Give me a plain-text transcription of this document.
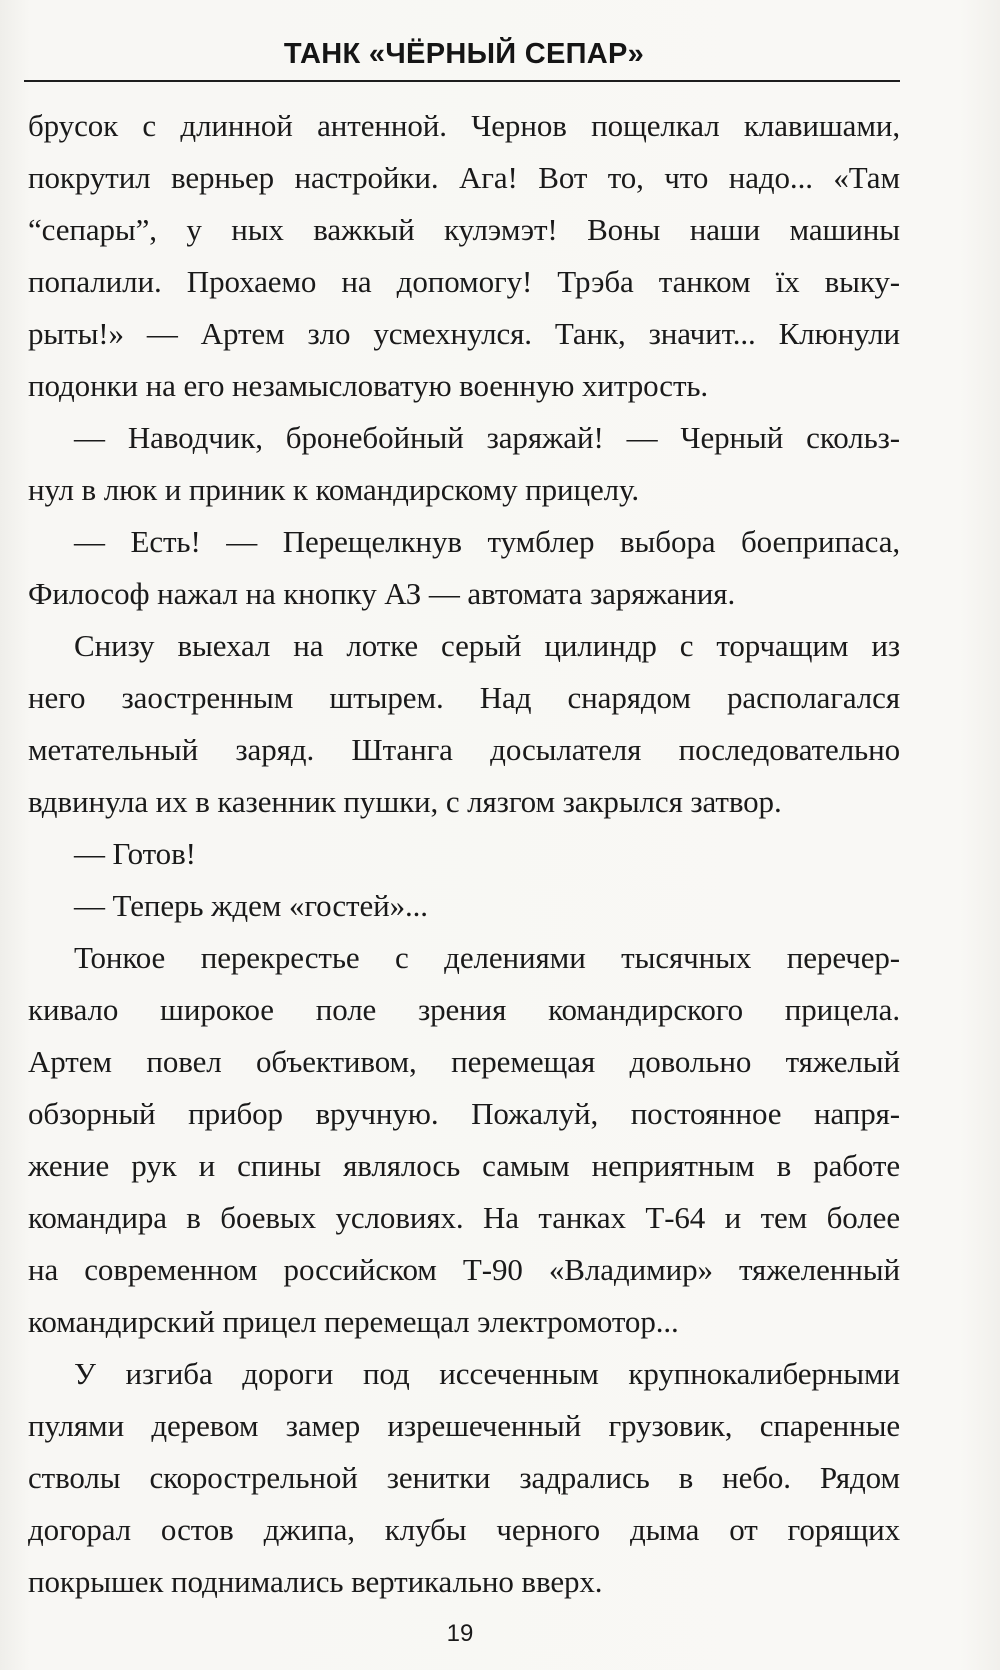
ТАНК «ЧЁРНЫЙ СЕПАР»
брусок с длинной антенной. Чернов пощелкал клавишами,
покрутил верньер настройки. Ага! Вот то, что надо... «Там
“сепары”, у ных важкый кулэмэт! Воны наши машины
попалили. Прохаемо на допомогу! Трэба танком їх выку-
рыты!» — Артем зло усмехнулся. Танк, значит... Клюнули
подонки на его незамысловатую военную хитрость.
— Наводчик, бронебойный заряжай! — Черный скольз-
нул в люк и приник к командирскому прицелу.
— Есть! — Перещелкнув тумблер выбора боеприпаса,
Философ нажал на кнопку АЗ — автомата заряжания.
Снизу выехал на лотке серый цилиндр с торчащим из
него заостренным штырем. Над снарядом располагался
метательный заряд. Штанга досылателя последовательно
вдвинула их в казенник пушки, с лязгом закрылся затвор.
— Готов!
— Теперь ждем «гостей»...
Тонкое перекрестье с делениями тысячных перечер-
кивало широкое поле зрения командирского прицела.
Артем повел объективом, перемещая довольно тяжелый
обзорный прибор вручную. Пожалуй, постоянное напря-
жение рук и спины являлось самым неприятным в работе
командира в боевых условиях. На танках Т-64 и тем более
на современном российском Т-90 «Владимир» тяжеленный
командирский прицел перемещал электромотор...
У изгиба дороги под иссеченным крупнокалиберными
пулями деревом замер изрешеченный грузовик, спаренные
стволы скорострельной зенитки задрались в небо. Рядом
догорал остов джипа, клубы черного дыма от горящих
покрышек поднимались вертикально вверх.
19
